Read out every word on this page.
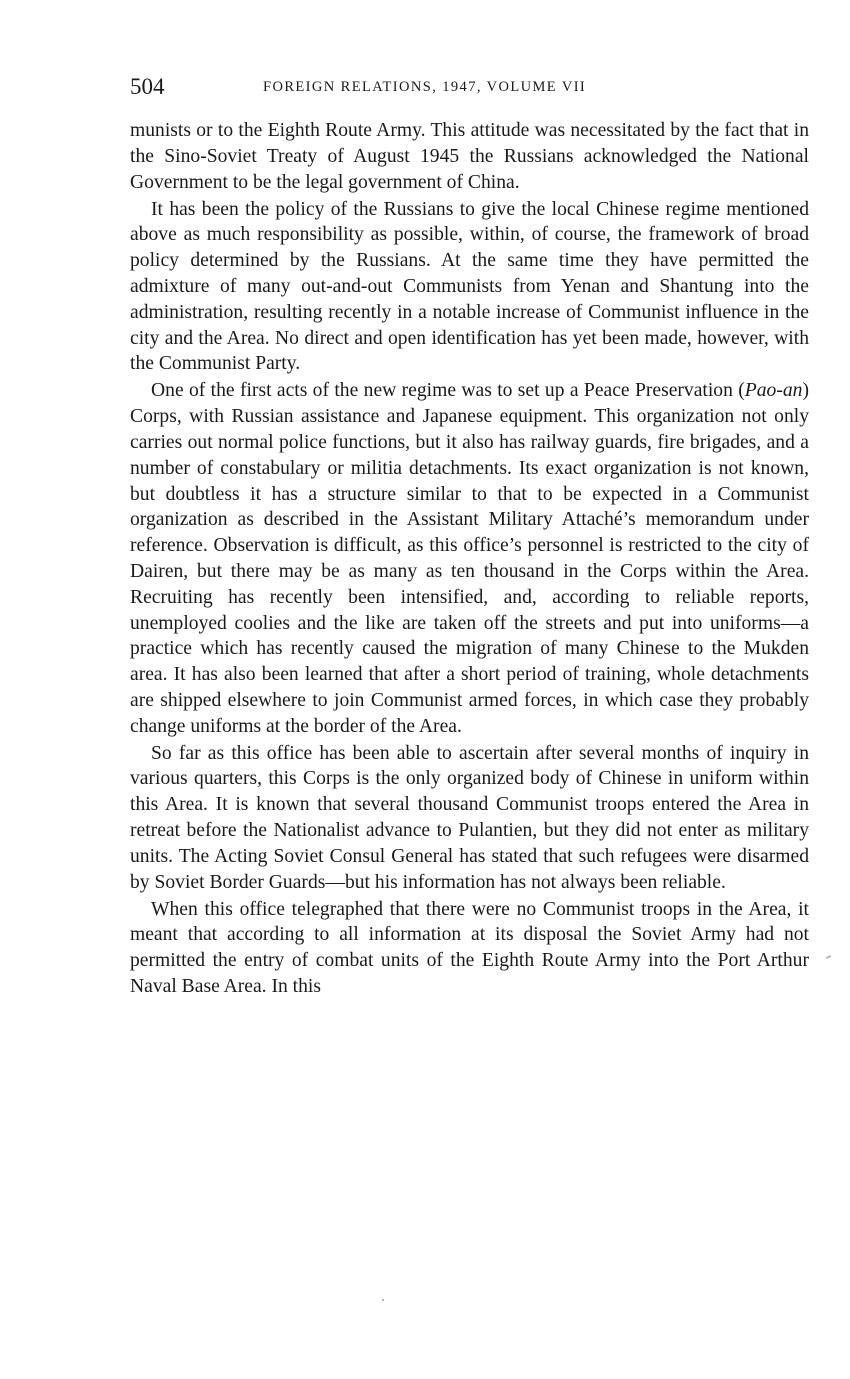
504	FOREIGN RELATIONS, 1947, VOLUME VII

munists or to the Eighth Route Army. This attitude was necessitated by the fact that in the Sino-Soviet Treaty of August 1945 the Russians acknowledged the National Government to be the legal government of China.

It has been the policy of the Russians to give the local Chinese regime mentioned above as much responsibility as possible, within, of course, the framework of broad policy determined by the Russians. At the same time they have permitted the admixture of many out-and-out Communists from Yenan and Shantung into the administration, resulting recently in a notable increase of Communist influence in the city and the Area. No direct and open identification has yet been made, however, with the Communist Party.

One of the first acts of the new regime was to set up a Peace Preservation (Pao-an) Corps, with Russian assistance and Japanese equipment. This organization not only carries out normal police functions, but it also has railway guards, fire brigades, and a number of constabulary or militia detachments. Its exact organization is not known, but doubtless it has a structure similar to that to be expected in a Communist organization as described in the Assistant Military Attaché’s memorandum under reference. Observation is difficult, as this office’s personnel is restricted to the city of Dairen, but there may be as many as ten thousand in the Corps within the Area. Recruiting has recently been intensified, and, according to reliable reports, unemployed coolies and the like are taken off the streets and put into uniforms—a practice which has recently caused the migration of many Chinese to the Mukden area. It has also been learned that after a short period of training, whole detachments are shipped elsewhere to join Communist armed forces, in which case they probably change uniforms at the border of the Area.

So far as this office has been able to ascertain after several months of inquiry in various quarters, this Corps is the only organized body of Chinese in uniform within this Area. It is known that several thousand Communist troops entered the Area in retreat before the Nationalist advance to Pulantien, but they did not enter as military units. The Acting Soviet Consul General has stated that such refugees were disarmed by Soviet Border Guards—but his information has not always been reliable.

When this office telegraphed that there were no Communist troops in the Area, it meant that according to all information at its disposal the Soviet Army had not permitted the entry of combat units of the Eighth Route Army into the Port Arthur Naval Base Area. In this
